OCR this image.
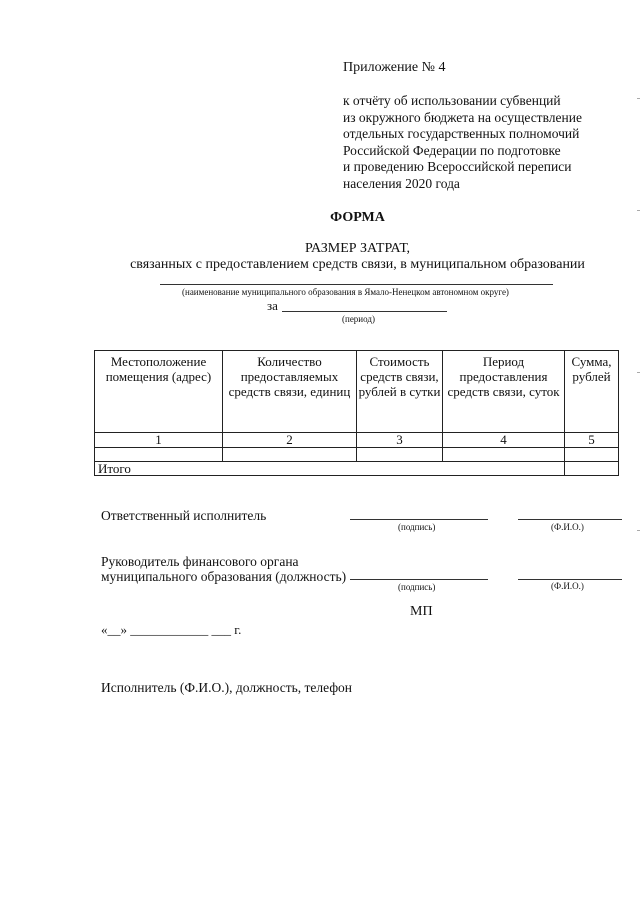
Приложение № 4
к отчёту об использовании субвенций
из окружного бюджета на осуществление
отдельных государственных полномочий
Российской Федерации по подготовке
и проведению Всероссийской переписи
населения 2020 года
ФОРМА
РАЗМЕР ЗАТРАТ,
связанных с предоставлением средств связи, в муниципальном образовании
(наименование муниципального образования в Ямало-Ненецком автономном округе)
за
(период)
Местоположение помещения (адрес)	Количество предоставляемых средств связи, единиц	Стоимость средств связи, рублей в сутки	Период предоставления средств связи, суток	Сумма, рублей
1	2	3	4	5

Итого				
Ответственный исполнитель
(подпись)	(Ф.И.О.)
Руководитель финансового органа
муниципального образования (должность)
(подпись)	(Ф.И.О.)
МП
«__» ____________ ___ г.
Исполнитель (Ф.И.О.), должность, телефон
